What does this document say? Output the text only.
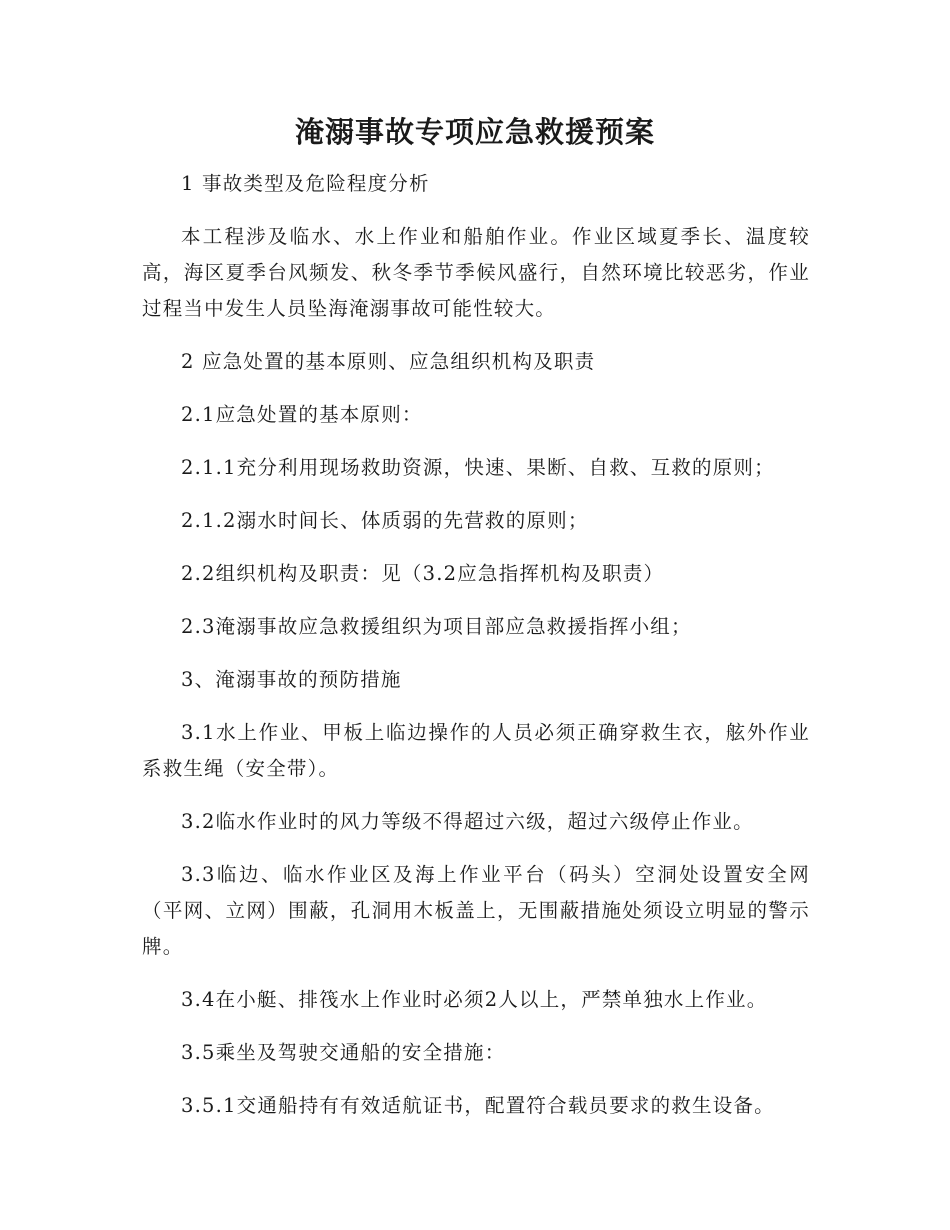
淹溺事故专项应急救援预案

1 事故类型及危险程度分析

本工程涉及临水、水上作业和船舶作业。作业区域夏季长、温度较高，海区夏季台风频发、秋冬季节季候风盛行，自然环境比较恶劣，作业过程当中发生人员坠海淹溺事故可能性较大。

2 应急处置的基本原则、应急组织机构及职责

2.1应急处置的基本原则：

2.1.1充分利用现场救助资源，快速、果断、自救、互救的原则；

2.1.2溺水时间长、体质弱的先营救的原则；

2.2组织机构及职责：见（3.2应急指挥机构及职责）

2.3淹溺事故应急救援组织为项目部应急救援指挥小组；

3、淹溺事故的预防措施

3.1水上作业、甲板上临边操作的人员必须正确穿救生衣，舷外作业系救生绳（安全带）。

3.2临水作业时的风力等级不得超过六级，超过六级停止作业。

3.3临边、临水作业区及海上作业平台（码头）空洞处设置安全网（平网、立网）围蔽，孔洞用木板盖上，无围蔽措施处须设立明显的警示牌。

3.4在小艇、排筏水上作业时必须2人以上，严禁单独水上作业。

3.5乘坐及驾驶交通船的安全措施：

3.5.1交通船持有有效适航证书，配置符合载员要求的救生设备。
